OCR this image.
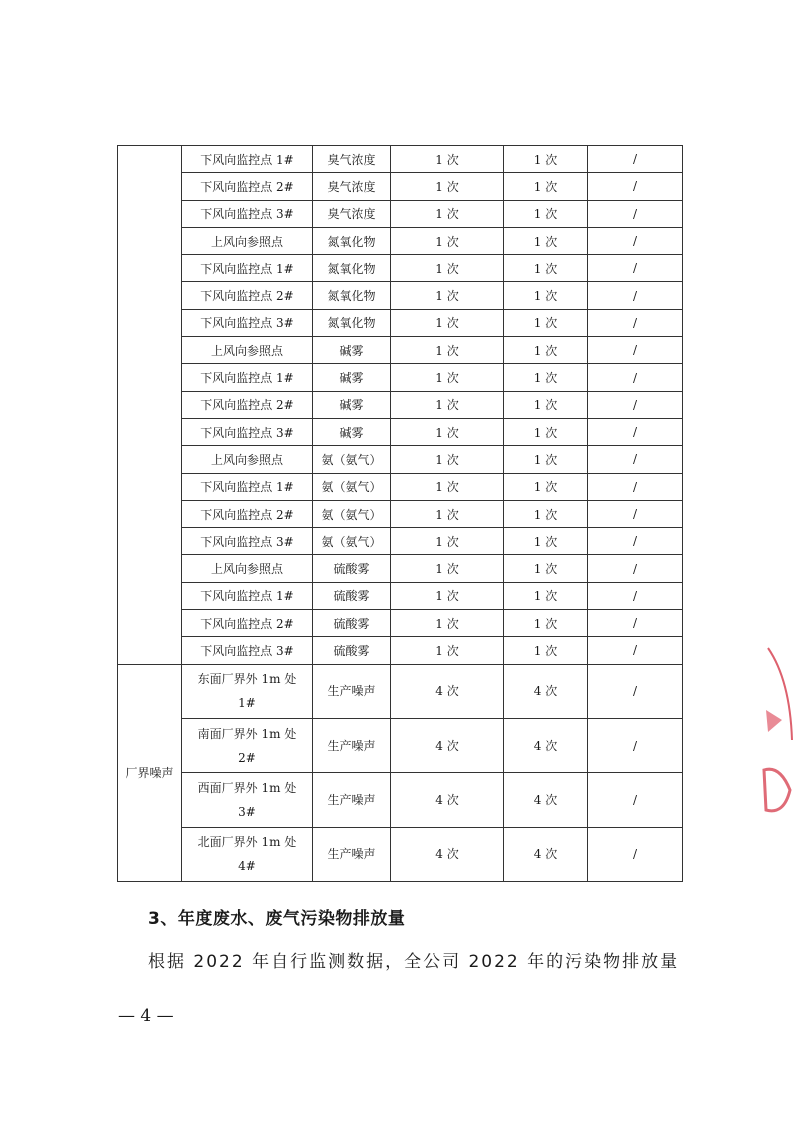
	下风向监控点 1#	臭气浓度	1 次	1 次	/
	下风向监控点 2#	臭气浓度	1 次	1 次	/
	下风向监控点 3#	臭气浓度	1 次	1 次	/
	上风向参照点	氮氧化物	1 次	1 次	/
	下风向监控点 1#	氮氧化物	1 次	1 次	/
	下风向监控点 2#	氮氧化物	1 次	1 次	/
	下风向监控点 3#	氮氧化物	1 次	1 次	/
	上风向参照点	碱雾	1 次	1 次	/
	下风向监控点 1#	碱雾	1 次	1 次	/
	下风向监控点 2#	碱雾	1 次	1 次	/
	下风向监控点 3#	碱雾	1 次	1 次	/
	上风向参照点	氨（氨气）	1 次	1 次	/
	下风向监控点 1#	氨（氨气）	1 次	1 次	/
	下风向监控点 2#	氨（氨气）	1 次	1 次	/
	下风向监控点 3#	氨（氨气）	1 次	1 次	/
	上风向参照点	硫酸雾	1 次	1 次	/
	下风向监控点 1#	硫酸雾	1 次	1 次	/
	下风向监控点 2#	硫酸雾	1 次	1 次	/
	下风向监控点 3#	硫酸雾	1 次	1 次	/
厂界噪声	东面厂界外 1m 处 1#	生产噪声	4 次	4 次	/
	南面厂界外 1m 处 2#	生产噪声	4 次	4 次	/
	西面厂界外 1m 处 3#	生产噪声	4 次	4 次	/
	北面厂界外 1m 处 4#	生产噪声	4 次	4 次	/
3、年度废水、废气污染物排放量
根据 2022 年自行监测数据，全公司 2022 年的污染物排放量
— 4 —
